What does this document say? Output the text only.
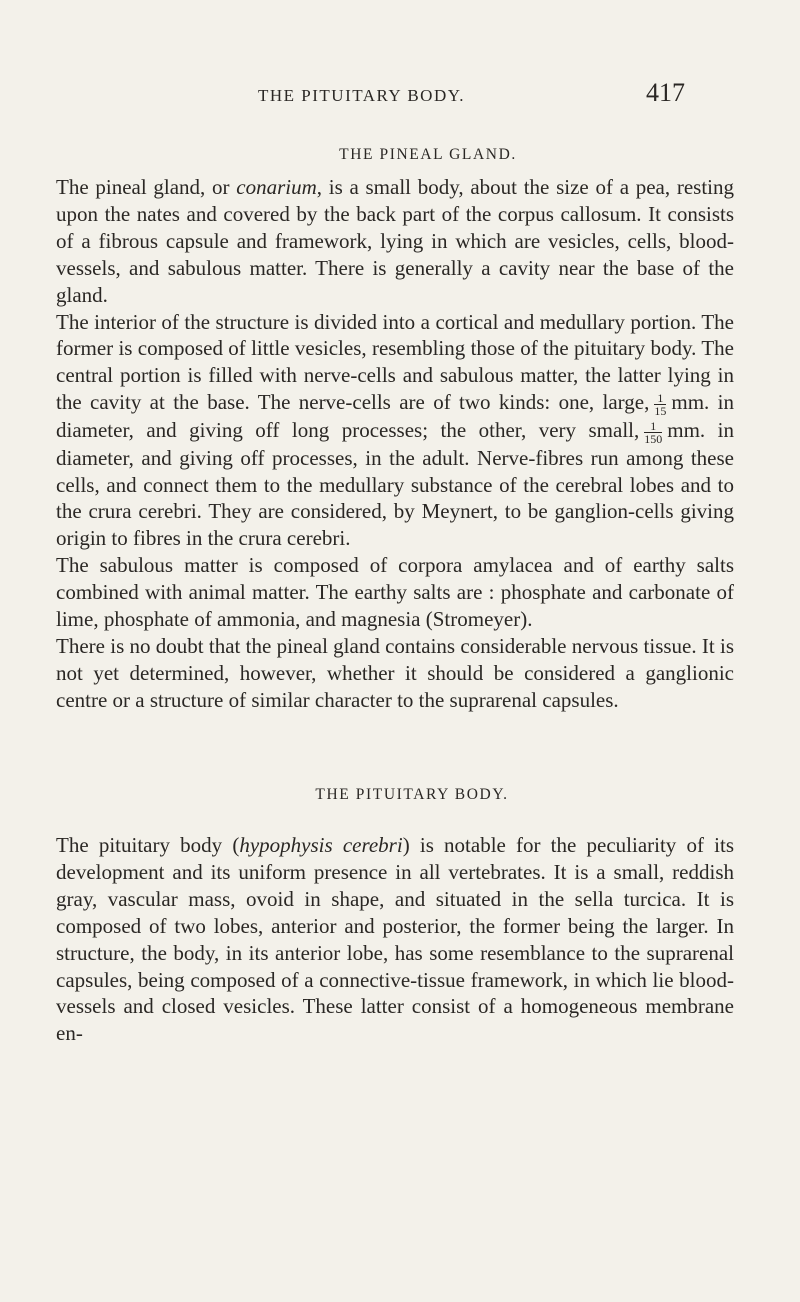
THE PITUITARY BODY.	417
THE PINEAL GLAND.

The pineal gland, or conarium, is a small body, about the size of a pea, resting upon the nates and covered by the back part of the corpus callosum. It consists of a fibrous capsule and framework, lying in which are vesicles, cells, blood-vessels, and sabulous matter. There is generally a cavity near the base of the gland.

The interior of the structure is divided into a cortical and medullary portion. The former is composed of little vesicles, resembling those of the pituitary body. The central portion is filled with nerve-cells and sabulous matter, the latter lying in the cavity at the base. The nerve-cells are of two kinds: one, large, $\frac{1}{15}$ mm. in diameter, and giving off long processes; the other, very small, $\frac{1}{150}$ mm. in diameter, and giving off processes, in the adult. Nerve-fibres run among these cells, and connect them to the medullary substance of the cerebral lobes and to the crura cerebri. They are considered, by Meynert, to be ganglion-cells giving origin to fibres in the crura cerebri.

The sabulous matter is composed of corpora amylacea and of earthy salts combined with animal matter. The earthy salts are : phosphate and carbonate of lime, phosphate of ammonia, and magnesia (Stromeyer).

There is no doubt that the pineal gland contains considerable nervous tissue. It is not yet determined, however, whether it should be considered a ganglionic centre or a structure of similar character to the suprarenal capsules.

THE PITUITARY BODY.

The pituitary body (hypophysis cerebri) is notable for the peculiarity of its development and its uniform presence in all vertebrates. It is a small, reddish gray, vascular mass, ovoid in shape, and situated in the sella turcica. It is composed of two lobes, anterior and posterior, the former being the larger. In structure, the body, in its anterior lobe, has some resemblance to the suprarenal capsules, being composed of a connective-tissue framework, in which lie blood-vessels and closed vesicles. These latter consist of a homogeneous membrane en-
